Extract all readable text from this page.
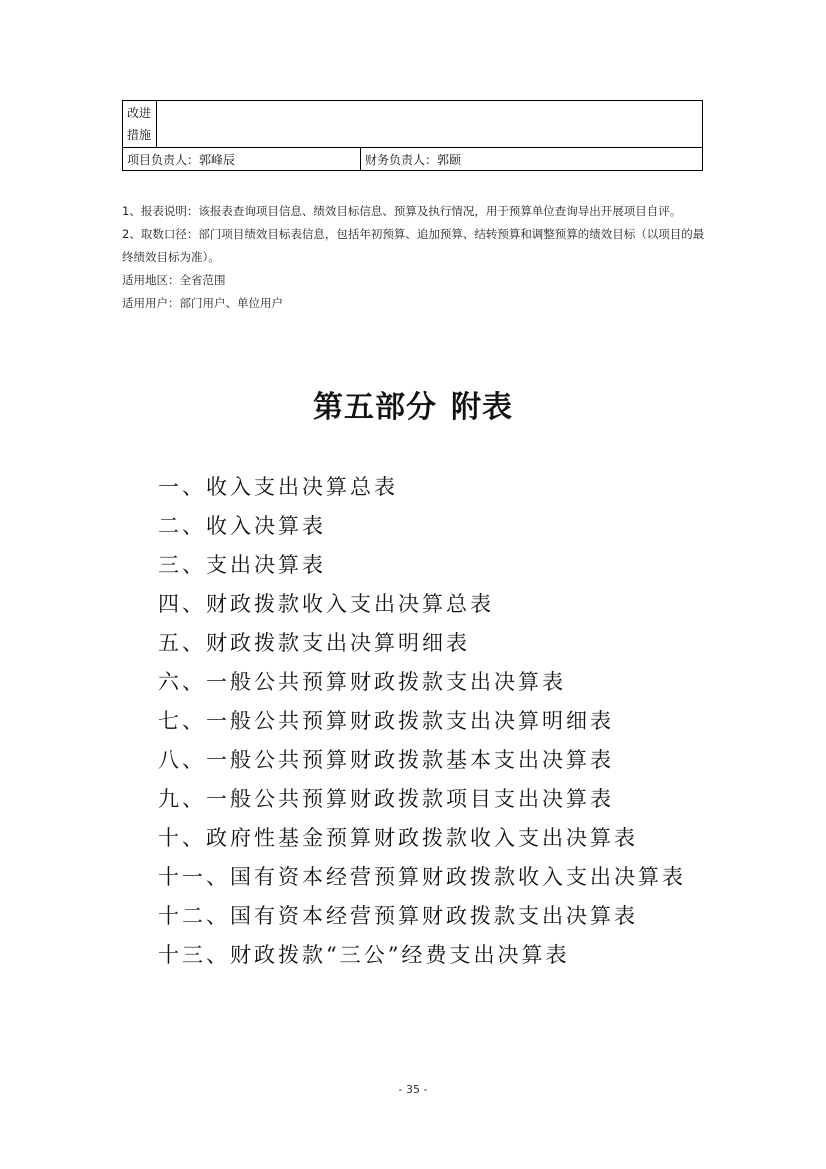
改进措施		
项目负责人：郭峰辰		财务负责人：郭颐

1、报表说明：该报表查询项目信息、绩效目标信息、预算及执行情况，用于预算单位查询导出开展项目自评。

2、取数口径：部门项目绩效目标表信息，包括年初预算、追加预算、结转预算和调整预算的绩效目标（以项目的最终绩效目标为准）。

适用地区：全省范围

适用用户：部门用户、单位用户

第五部分 附表
一、收入支出决算总表
二、收入决算表
三、支出决算表
四、财政拨款收入支出决算总表
五、财政拨款支出决算明细表
六、一般公共预算财政拨款支出决算表
七、一般公共预算财政拨款支出决算明细表
八、一般公共预算财政拨款基本支出决算表
九、一般公共预算财政拨款项目支出决算表
十、政府性基金预算财政拨款收入支出决算表
十一、国有资本经营预算财政拨款收入支出决算表
十二、国有资本经营预算财政拨款支出决算表
十三、财政拨款“三公”经费支出决算表
- 35 -
